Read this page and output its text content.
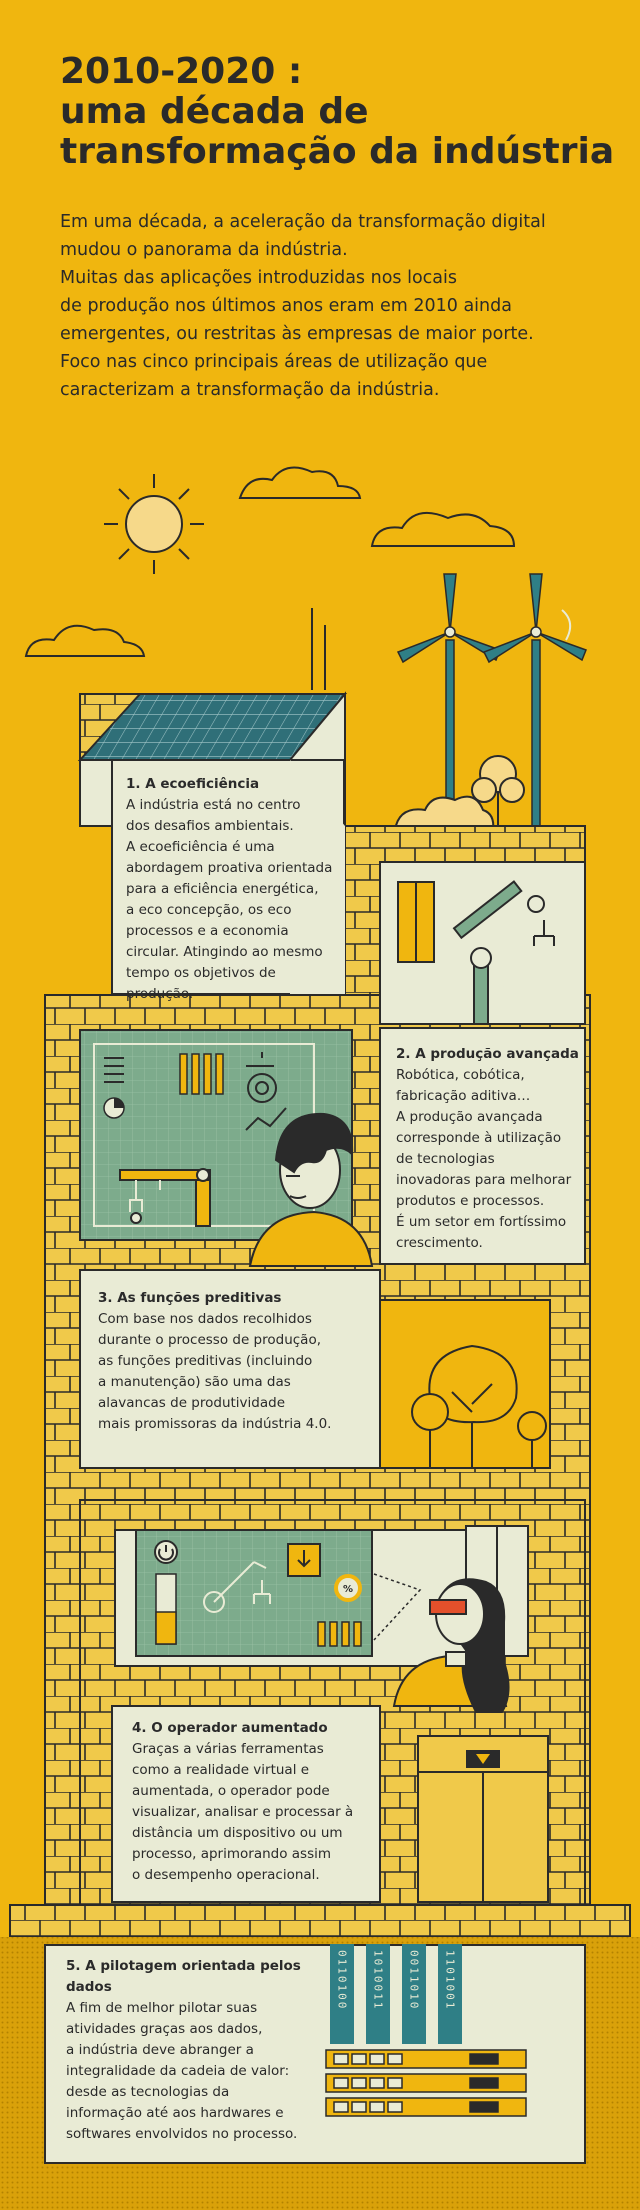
2010-2020 :
uma década de
transformação da indústria
Em uma década, a aceleração da transformação digital
mudou o panorama da indústria.
Muitas das aplicações introduzidas nos locais
de produção nos últimos anos eram em 2010 ainda
emergentes, ou restritas às empresas de maior porte.
Foco nas cinco principais áreas de utilização que
caracterizam a transformação da indústria.
%
0110100 1010011 0011010 1101001
1. A ecoeficiência
A indústria está no centro
dos desafios ambientais.
A ecoeficiência é uma
abordagem proativa orientada
para a eficiência energética,
a eco concepção, os eco
processos e a economia
circular. Atingindo ao mesmo
tempo os objetivos de produção.
2. A produção avançada
Robótica, cobótica,
fabricação aditiva…
A produção avançada
corresponde à utilização
de tecnologias
inovadoras para melhorar
produtos e processos.
É um setor em fortíssimo
crescimento.
3. As funções preditivas
Com base nos dados recolhidos
durante o processo de produção,
as funções preditivas (incluindo
a manutenção) são uma das
alavancas de produtividade
mais promissoras da indústria 4.0.
4. O operador aumentado
Graças a várias ferramentas
como a realidade virtual e
aumentada, o operador pode
visualizar, analisar e processar à
distância um dispositivo ou um
processo, aprimorando assim
o desempenho operacional.
5. A pilotagem orientada pelos
dados
A fim de melhor pilotar suas
atividades graças aos dados,
a indústria deve abranger a
integralidade da cadeia de valor:
desde as tecnologias da
informação até aos hardwares e
softwares envolvidos no processo.
